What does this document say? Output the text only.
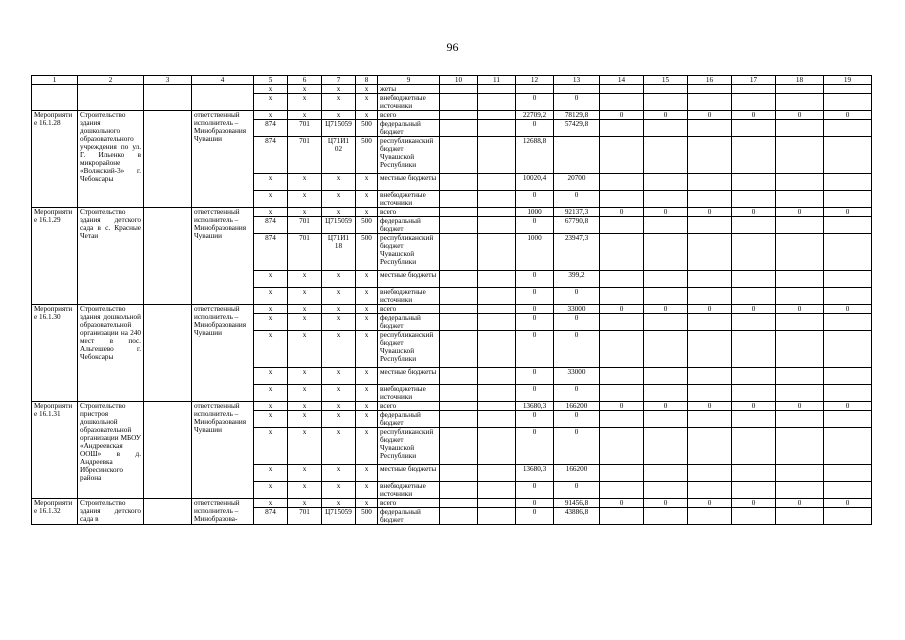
96
1	2	3	4	5	6	7	8	9	10	11	12	13	14	15	16	17	18	19
				x	x	x	x	жеты										
				x	x	x	x	внебюджетные источники			0	0						
Мероприятие 16.1.28	Строительство здания дошкольного образовательного учреждения по ул. Г. Ильенко в микрорайоне «Волжский-3» г. Чебоксары		ответственный исполнитель – Минобразования Чувашии	x	x	x	x	всего			22709,2	78129,8	0	0	0	0	0	0
				874	701	Ц715059	500	федеральный бюджет			0	57429,8						
				874	701	Ц71И1 02	500	республиканский бюджет Чувашской Республики			12688,8							
				x	x	x	x	местные бюджеты			10020,4	20700						
				x	x	x	x	внебюджетные источники			0	0						
Мероприятие 16.1.29	Строительство здания детского сада в с. Красные Четаи		ответственный исполнитель – Минобразования Чувашии	x	x	x	x	всего			1000	92137,3	0	0	0	0	0	0
				874	701	Ц715059	500	федеральный бюджет			0	67790,8						
				874	701	Ц71И1 18	500	республиканский бюджет Чувашской Республики			1000	23947,3						
				x	x	x	x	местные бюджеты			0	399,2						
				x	x	x	x	внебюджетные источники			0	0						
Мероприятие 16.1.30	Строительство здания дошкольной образовательной организации на 240 мест в пос. Альгешево г. Чебоксары		ответственный исполнитель – Минобразования Чувашии	x	x	x	x	всего			0	33000	0	0	0	0	0	0
				x	x	x	x	федеральный бюджет			0	0						
				x	x	x	x	республиканский бюджет Чувашской Республики			0	0						
				x	x	x	x	местные бюджеты			0	33000						
				x	x	x	x	внебюджетные источники			0	0						
Мероприятие 16.1.31	Строительство пристроя дошкольной образовательной организации МБОУ «Андреевская ООШ» в д. Андреевка Ибресинского района		ответственный исполнитель – Минобразования Чувашии	x	x	x	x	всего			13680,3	166200	0	0	0	0	0	0
				x	x	x	x	федеральный бюджет			0	0						
				x	x	x	x	республиканский бюджет Чувашской Республики			0	0						
				x	x	x	x	местные бюджеты			13680,3	166200						
				x	x	x	x	внебюджетные источники			0	0						
Мероприятие 16.1.32	Строительство здания детского сада в		ответственный исполнитель – Минобразова-	x	x	x	x	всего			0	91456,8	0	0	0	0	0	0
				874	701	Ц715059	500	федеральный бюджет			0	43886,8						
